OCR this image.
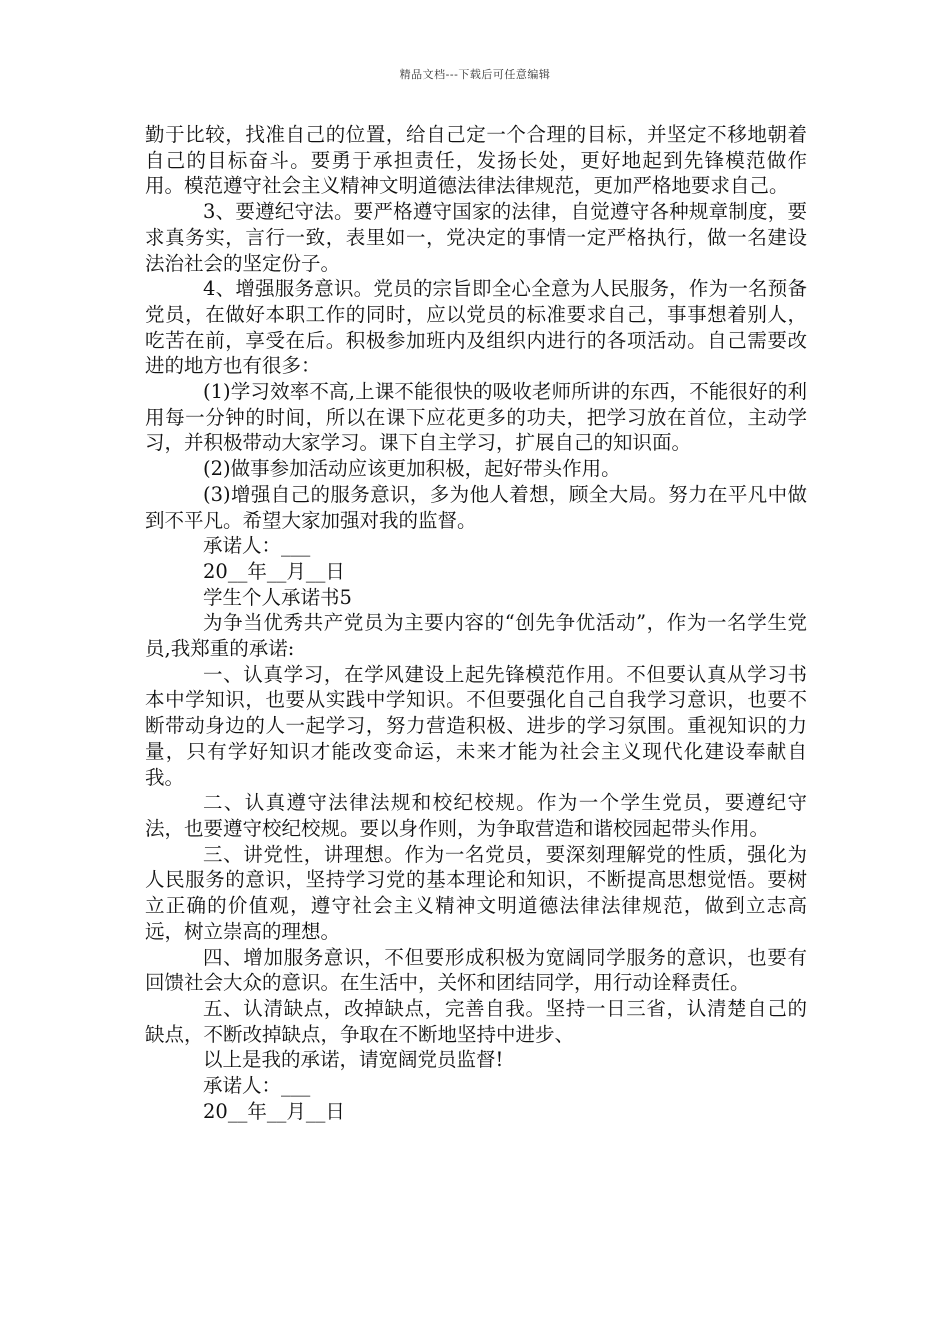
精品文档---下载后可任意编辑

勤于比较，找准自己的位置，给自己定一个合理的目标，并坚定不移地朝着自己的目标奋斗。要勇于承担责任，发扬长处，更好地起到先锋模范做作用。模范遵守社会主义精神文明道德法律法律规范，更加严格地要求自己。

3、要遵纪守法。要严格遵守国家的法律，自觉遵守各种规章制度，要求真务实，言行一致，表里如一，党决定的事情一定严格执行，做一名建设法治社会的坚定份子。

4、增强服务意识。党员的宗旨即全心全意为人民服务，作为一名预备党员，在做好本职工作的同时，应以党员的标准要求自己，事事想着别人，吃苦在前，享受在后。积极参加班内及组织内进行的各项活动。自己需要改进的地方也有很多：

(1)学习效率不高,上课不能很快的吸收老师所讲的东西，不能很好的利用每一分钟的时间，所以在课下应花更多的功夫，把学习放在首位，主动学习，并积极带动大家学习。课下自主学习，扩展自己的知识面。

(2)做事参加活动应该更加积极，起好带头作用。

(3)增强自己的服务意识，多为他人着想，顾全大局。努力在平凡中做到不平凡。希望大家加强对我的监督。

承诺人：___

20__年__月__日

学生个人承诺书5

为争当优秀共产党员为主要内容的“创先争优活动”，作为一名学生党员,我郑重的承诺:

一、认真学习，在学风建设上起先锋模范作用。不但要认真从学习书本中学知识，也要从实践中学知识。不但要强化自己自我学习意识，也要不断带动身边的人一起学习，努力营造积极、进步的学习氛围。重视知识的力量，只有学好知识才能改变命运，未来才能为社会主义现代化建设奉献自我。

二、认真遵守法律法规和校纪校规。作为一个学生党员，要遵纪守法，也要遵守校纪校规。要以身作则，为争取营造和谐校园起带头作用。

三、讲党性，讲理想。作为一名党员，要深刻理解党的性质，强化为人民服务的意识，坚持学习党的基本理论和知识，不断提高思想觉悟。要树立正确的价值观，遵守社会主义精神文明道德法律法律规范，做到立志高远，树立崇高的理想。

四、增加服务意识，不但要形成积极为宽阔同学服务的意识，也要有回馈社会大众的意识。在生活中，关怀和团结同学，用行动诠释责任。

五、认清缺点，改掉缺点，完善自我。坚持一日三省，认清楚自己的缺点，不断改掉缺点，争取在不断地坚持中进步、

以上是我的承诺，请宽阔党员监督!

承诺人：___

20__年__月__日
